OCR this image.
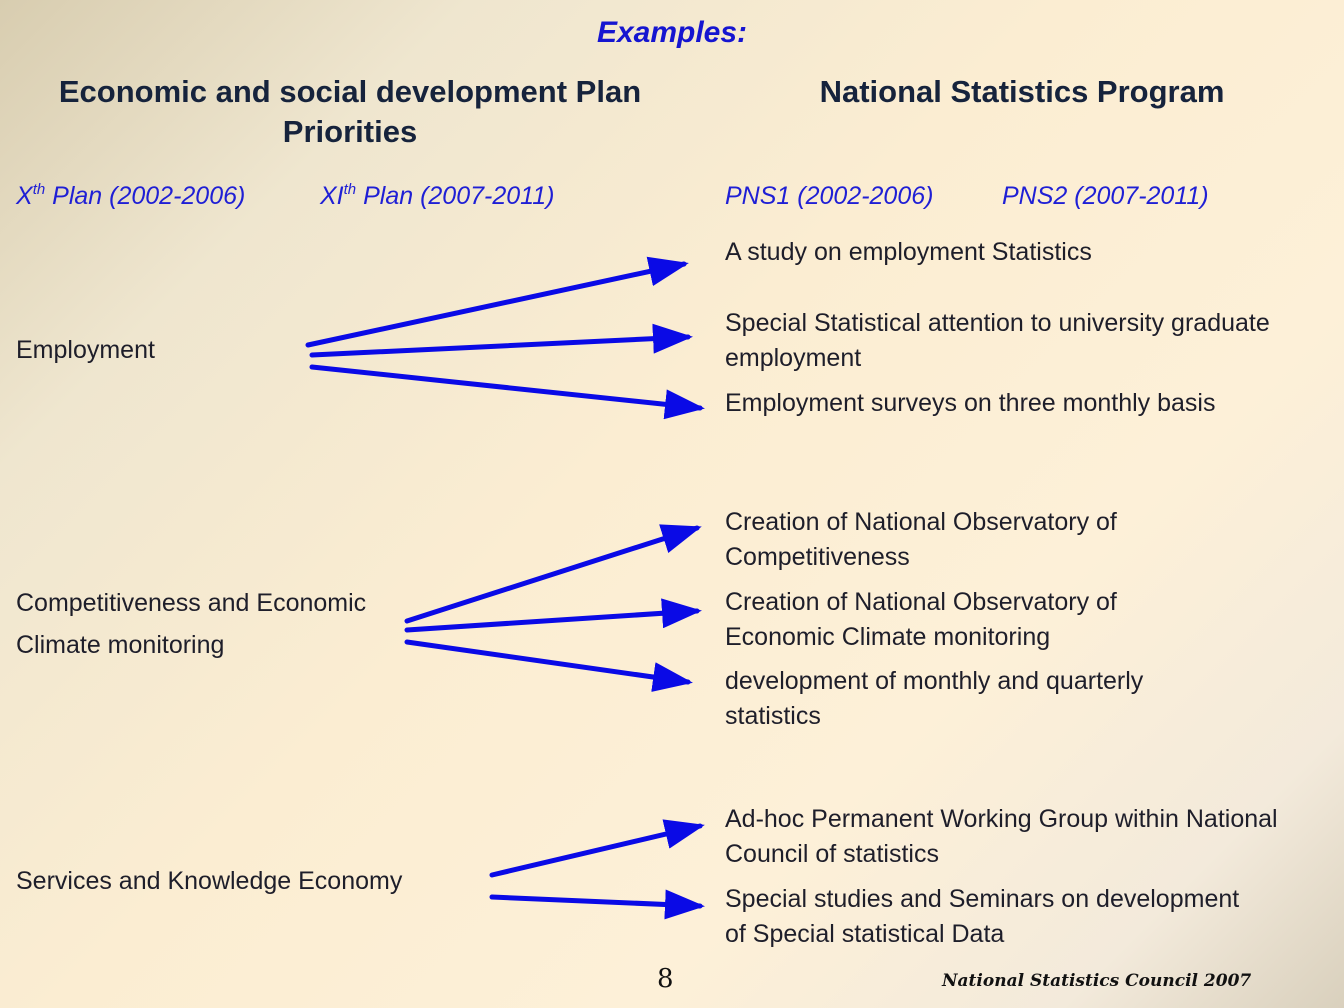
Examples:
Economic and social development Plan Priorities
National Statistics Program
Xth Plan (2002-2006)	XIth Plan (2007-2011)	PNS1 (2002-2006)	PNS2 (2007-2011)
Employment
Competitiveness and Economic
Climate monitoring
Services and Knowledge Economy
A study on employment Statistics
Special Statistical attention to university graduate employment
Employment surveys on three monthly basis
Creation of National Observatory of Competitiveness
Creation of National Observatory of Economic Climate monitoring
development of monthly and quarterly statistics
Ad-hoc Permanent Working Group within National Council of statistics
Special studies and Seminars on development of Special statistical Data
8	National Statistics Council 2007
